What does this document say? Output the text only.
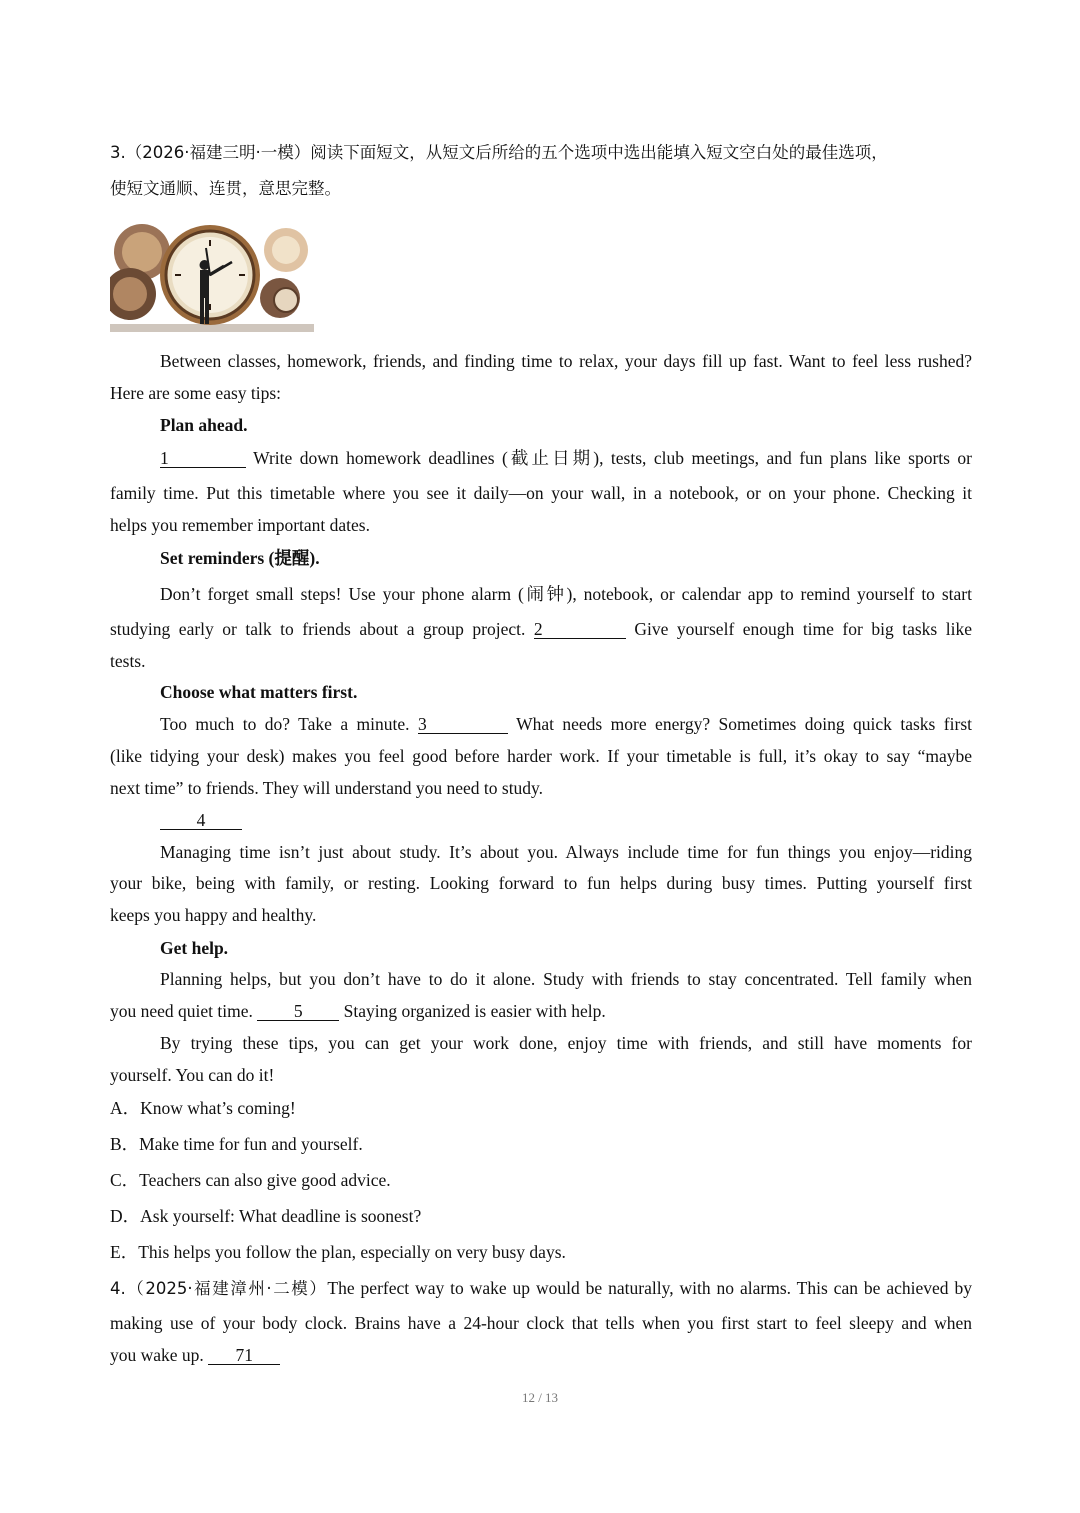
3.（2026·福建三明·一模）阅读下面短文，从短文后所给的五个选项中选出能填入短文空白处的最佳选项，
使短文通顺、连贯，意思完整。
Between classes, homework, friends, and finding time to relax, your days fill up fast. Want to feel less rushed?
Here are some easy tips:
Plan ahead.
1	Write down homework deadlines (截止日期), tests, club meetings, and fun plans like sports or
family time. Put this timetable where you see it daily—on your wall, in a notebook, or on your phone. Checking it
helps you remember important dates.
Set reminders (提醒).
Don’t forget small steps! Use your phone alarm (闹钟), notebook, or calendar app to remind yourself to start
studying early or talk to friends about a group project. 2	Give yourself enough time for big tasks like
tests.
Choose what matters first.
Too much to do? Take a minute. 3	What needs more energy? Sometimes doing quick tasks first
(like tidying your desk) makes you feel good before harder work. If your timetable is full, it’s okay to say “maybe
next time” to friends. They will understand you need to study.
4
Managing time isn’t just about study. It’s about you. Always include time for fun things you enjoy—riding
your bike, being with family, or resting. Looking forward to fun helps during busy times. Putting yourself first
keeps you happy and healthy.
Get help.
Planning helps, but you don’t have to do it alone. Study with friends to stay concentrated. Tell family when
you need quiet time. 5 Staying organized is easier with help.
By trying these tips, you can get your work done, enjoy time with friends, and still have moments for
yourself. You can do it!
A．Know what’s coming!
B．Make time for fun and yourself.
C．Teachers can also give good advice.
D．Ask yourself: What deadline is soonest?
E．This helps you follow the plan, especially on very busy days.
4.（2025·福建漳州·二模）The perfect way to wake up would be naturally, with no alarms. This can be achieved by
making use of your body clock. Brains have a 24-hour clock that tells when you first start to feel sleepy and when
you wake up. 71
12 / 13
